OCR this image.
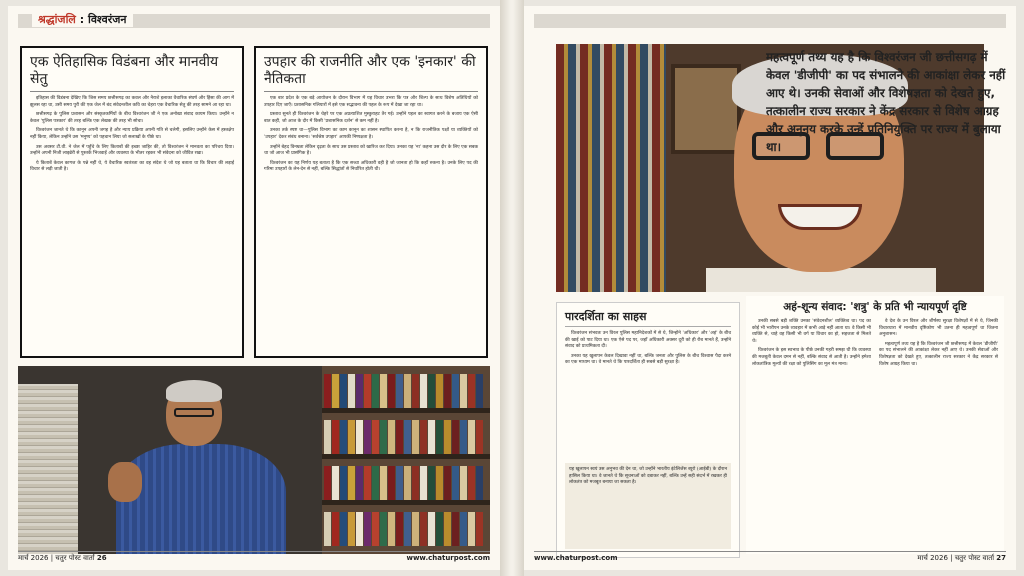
श्रद्धांजलि : विश्वरंजन
एक ऐतिहासिक विडंबना और मानवीय सेतु

इतिहास की विडंबना देखिए कि जिस समय छत्तीसगढ़ का कवल और नैराशे इलाका वैचारिक संघर्ष और हिंसा की आग में झुलस रहा था, उसी समय पुरी की एक जेल में बंद संवेदनशील कवि का चेहरा एक वैचारिक सेतु की तरह सामने आ रहा था।

छत्तीसगढ़ के पुलिस प्रशासन और संस्कृतकर्मियों के बीच विश्वरंजन जी ने एक अनोखा संवाद कायम किया। उन्होंने न केवल 'पुलिस पत्रकार' की तरह बल्कि एक लेखक की तरह भी सोचा।

विश्वरंजन जानते थे कि कानून अपनी जगह है और न्याय प्रक्रिया अपनी गति से चलेगी, इसलिए उन्होंने केस में हस्तक्षेप नहीं किया, लेकिन उन्होंने उस 'मनुष्य' को पहचान लिया जो सलाखों के पीछे था।

उस अवसर टी.वी. ने जेल में पहुँचे के लिए किताबों की इच्छा जाहिर की, तो विश्वरंजन ने मानवता का परिचय दिया। उन्होंने अपनी निजी लाइब्रेरी से पुस्तकें भिजवाईं और व्यवस्था के भीतर रहकर भी संवेदना को जीवित रखा।

ये किताबें केवल कागज के पन्ने नहीं थे, ये वैचारिक स्वतंत्रता का वह संदेश थे जो यह बताता था कि विचार की लड़ाई विचार से लड़ी जाती है।

उपहार की राजनीति और एक 'इनकार' की नैतिकता

एक बार प्रदेश के एक बड़े आयोजन के दौरान विभाग में यह विचार उभरा कि पत्र और शिल्प के साथ विशेष अतिथियों को उपहार दिए जाएँ। प्रशासनिक गलियारों में इसे एक सद्भावना की पहल के रूप में देखा जा रहा था।

प्रस्ताव सुनते ही विश्वरंजन के चेहरे पर एक अप्रत्याशित मुस्कुराहट तैर गई। उन्होंने पहल का स्वागत करने के बजाय एक ऐसी बात कही, जो आज के दौर में किसी 'प्रशासनिक दर्शन' से कम नहीं है।

उनका तर्क स्पष्ट था—पुलिस विभाग का काम कानून का शासन स्थापित करना है, न कि राजनीतिक पक्षों या व्यक्तियों को 'उपहार' देकर संबंध बनाना। 'सर्वश्रेष्ठ उपहार' आपकी निष्पक्षता है।

उन्होंने बेहद विनम्रता लेकिन दृढ़ता के साथ उस प्रस्ताव को खारिज कर दिया। उनका यह 'ना' कहना उस दौर के लिए एक सबक था जो आज भी प्रासंगिक है।

विश्वरंजन का यह निर्णय यह बताता है कि एक सच्चा अधिकारी वही है जो जानता हो कि कहाँ रुकना है। उनके लिए पद की गरिमा उपहारों के लेन-देन से नहीं, बल्कि सिद्धांतों से निर्धारित होती थी।

मार्च 2026 | चतुर पोस्ट वार्ता 26	www.chaturpost.com
महत्वपूर्ण तथ्य यह है कि विश्वरंजन जी छत्तीसगढ़ में केवल 'डीजीपी' का पद संभालने की आकांक्षा लेकर नहीं आए थे। उनकी सेवाओं और विशेषज्ञता को देखते हुए, तत्कालीन राज्य सरकार ने केंद्र सरकार से विशेष आग्रह और अनुनय करके उन्हें प्रतिनियुक्ति पर राज्य में बुलाया था।
पारदर्शिता का साहस

विश्वरंजन संभवतः उन विरल पुलिस महानिदेशकों में से थे, जिन्होंने 'अधिकार' और 'अहं' के बीच की खाई को पाट दिया था। एक ऐसे पद पर, जहाँ अधिकारी अक्सर दूरी को ही रौब मानते हैं, उन्होंने संवाद को प्राथमिकता दी।

उनका यह खुलापन केवल दिखावा नहीं था, बल्कि जनता और पुलिस के बीच विश्वास पैदा करने का एक माध्यम था। वे मानते थे कि पारदर्शिता ही सबसे बड़ी सुरक्षा है।

यह खुलापन स्वयं उस अनुभव की देन था, जो उन्होंने भारतीय इंटेलिजेंस ब्यूरो (आईबी) के दौरान हासिल किया था। वे जानते थे कि सूचनाओं को दबाकर नहीं, बल्कि उन्हें सही संदर्भ में रखकर ही लोकतंत्र को मजबूत बनाया जा सकता है।
अहं-शून्य संवाद: 'शत्रु' के प्रति भी न्यायपूर्ण दृष्टि

उनकी सबसे बड़ी शक्ति उनका 'संवेदनशील' व्यक्तित्व था। पद का कोई भी भारीपन उनके व्यवहार में कभी आड़े नहीं आता था। वे किसी भी व्यक्ति से, चाहे वह किसी भी वर्ग या विचार का हो, सहजता से मिलते थे।

विश्वरंजन के इस स्वभाव के पीछे उनकी गहरी समझ थी कि व्यवस्था की मजबूती केवल दमन से नहीं, बल्कि संवाद से आती है। उन्होंने हमेशा लोकतांत्रिक मूल्यों की रक्षा को पुलिसिंग का मूल मंत्र माना।

वे देश के उन विरल और शीर्षस्थ सुरक्षा विशेषज्ञों में से थे, जिनकी विचारधारा में मानवीय दृष्टिकोण भी उतना ही महत्वपूर्ण था जितना अनुशासन।

महत्वपूर्ण तथ्य यह है कि विश्वरंजन जी छत्तीसगढ़ में केवल 'डीजीपी' का पद संभालने की आकांक्षा लेकर नहीं आए थे। उनकी सेवाओं और विशेषज्ञता को देखते हुए, तत्कालीन राज्य सरकार ने केंद्र सरकार से विशेष आग्रह किया था।

www.chaturpost.com	मार्च 2026 | चतुर पोस्ट वार्ता 27
